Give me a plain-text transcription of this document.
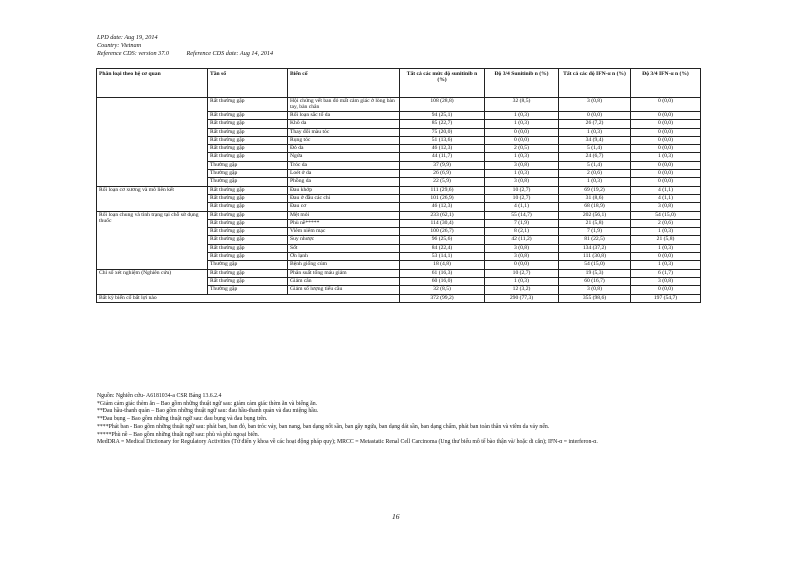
LPD date: Aug 19, 2014
Country: Vietnam
Reference CDS: version 37.0	Reference CDS date: Aug 14, 2014
Phân loại theo hệ cơ quan	Tần số	Biến cố	Tất cả các mức độ sunitinib n (%)	Độ 3/4 Sunitinib n (%)	Tất cả các độ IFN-α n (%)	Độ 3/4 IFN-α n (%)
	Rất thường gặp	Hội chứng vết ban đỏ mất cảm giác ở lòng bàn tay, bàn chân	108 (28,8)	32 (8,5)	3 (0,8)	0 (0,0)
	Rất thường gặp	Rối loạn sắc tố da	94 (25,1)	1 (0,3)	0 (0,0)	0 (0,0)
	Rất thường gặp	Khô da	85 (22,7)	1 (0,3)	26 (7,2)	0 (0,0)
	Rất thường gặp	Thay đổi màu tóc	75 (20,0)	0 (0,0)	1 (0,3)	0 (0,0)
	Rất thường gặp	Rụng tóc	51 (13,6)	0 (0,0)	34 (9,4)	0 (0,0)
	Rất thường gặp	Đỏ da	46 (12,3)	2 (0,5)	5 (1,4)	0 (0,0)
	Rất thường gặp	Ngứa	44 (11,7)	1 (0,3)	24 (6,7)	1 (0,3)
	Thường gặp	Tróc da	37 (9,9)	3 (0,8)	5 (1,4)	0 (0,0)
	Thường gặp	Loét ở da	26 (6,9)	1 (0,3)	2 (0,6)	0 (0,0)
	Thường gặp	Phồng da	22 (5,9)	3 (0,8)	1 (0,3)	0 (0,0)
Rối loạn cơ xương và mô liên kết	Rất thường gặp	Đau khớp	111 (29,6)	10 (2,7)	69 (19,2)	4 (1,1)
	Rất thường gặp	Đau ở đầu các chi	101 (26,9)	10 (2,7)	31 (8,6)	4 (1,1)
	Rất thường gặp	Đau cơ	46 (12,3)	4 (1,1)	68 (18,9)	3 (0,8)
Rối loạn chung và tình trạng tại chỗ sử dụng thuốc	Rất thường gặp	Mệt mỏi	233 (62,1)	55 (14,7)	202 (56,1)	54 (15,0)
	Rất thường gặp	Phù nề*****	114 (30,4)	7 (1,9)	21 (5,8)	2 (0,6)
	Rất thường gặp	Viêm niêm mạc	100 (26,7)	8 (2,1)	7 (1,9)	1 (0,3)
	Rất thường gặp	Suy nhược	96 (25,6)	42 (11,2)	81 (22,5)	21 (5,8)
	Rất thường gặp	Sốt	84 (22,4)	3 (0,8)	134 (37,2)	1 (0,3)
	Rất thường gặp	Ớn lạnh	53 (14,1)	3 (0,8)	111 (30,8)	0 (0,0)
	Thường gặp	Bệnh giống cúm	18 (4,8)	0 (0,0)	54 (15,0)	1 (0,3)
Chỉ số xét nghiệm (Nghiên cứu)	Rất thường gặp	Phân suất tống máu giảm	61 (16,3)	10 (2,7)	19 (5,3)	6 (1,7)
	Rất thường gặp	Giảm cân	60 (16,0)	1 (0,3)	60 (16,7)	3 (0,8)
	Thường gặp	Giảm số lượng tiểu cầu	32 (8,5)	12 (3,2)	3 (0,8)	0 (0,0)
Bất kỳ biến cố bất lợi nào			372 (99,2)	290 (77,3)	355 (98,6)	197 (54,7)

Nguồn: Nghiên cứu- A6181034-a CSR Bảng 13.6.2.4

*Giảm cảm giác thèm ăn – Bao gồm những thuật ngữ sau: giảm cảm giác thèm ăn và biếng ăn.

**Đau hầu-thanh quản – Bao gồm những thuật ngữ sau: đau hầu-thanh quản và đau miệng hầu.

**Đau bụng – Bao gồm những thuật ngữ sau: đau bụng và đau bụng trên.

****Phát ban - Bao gồm những thuật ngữ sau: phát ban, ban đỏ, ban tróc vảy, ban nang, ban dạng nốt sần, ban gây ngứa, ban dạng dát sần, ban dạng chấm, phát ban toàn thân và viêm da vảy nến.

*****Phù nề – Bao gồm những thuật ngữ sau: phù và phù ngoại biên.

MedDRA = Medical Dictionary for Regulatory Activities (Từ điển y khoa về các hoạt động pháp quy); MRCC = Metastatic Renal Cell Carcinoma (Ung thư biểu mô tế bào thận và/ hoặc di căn); IFN-α = interferon-α.

16
